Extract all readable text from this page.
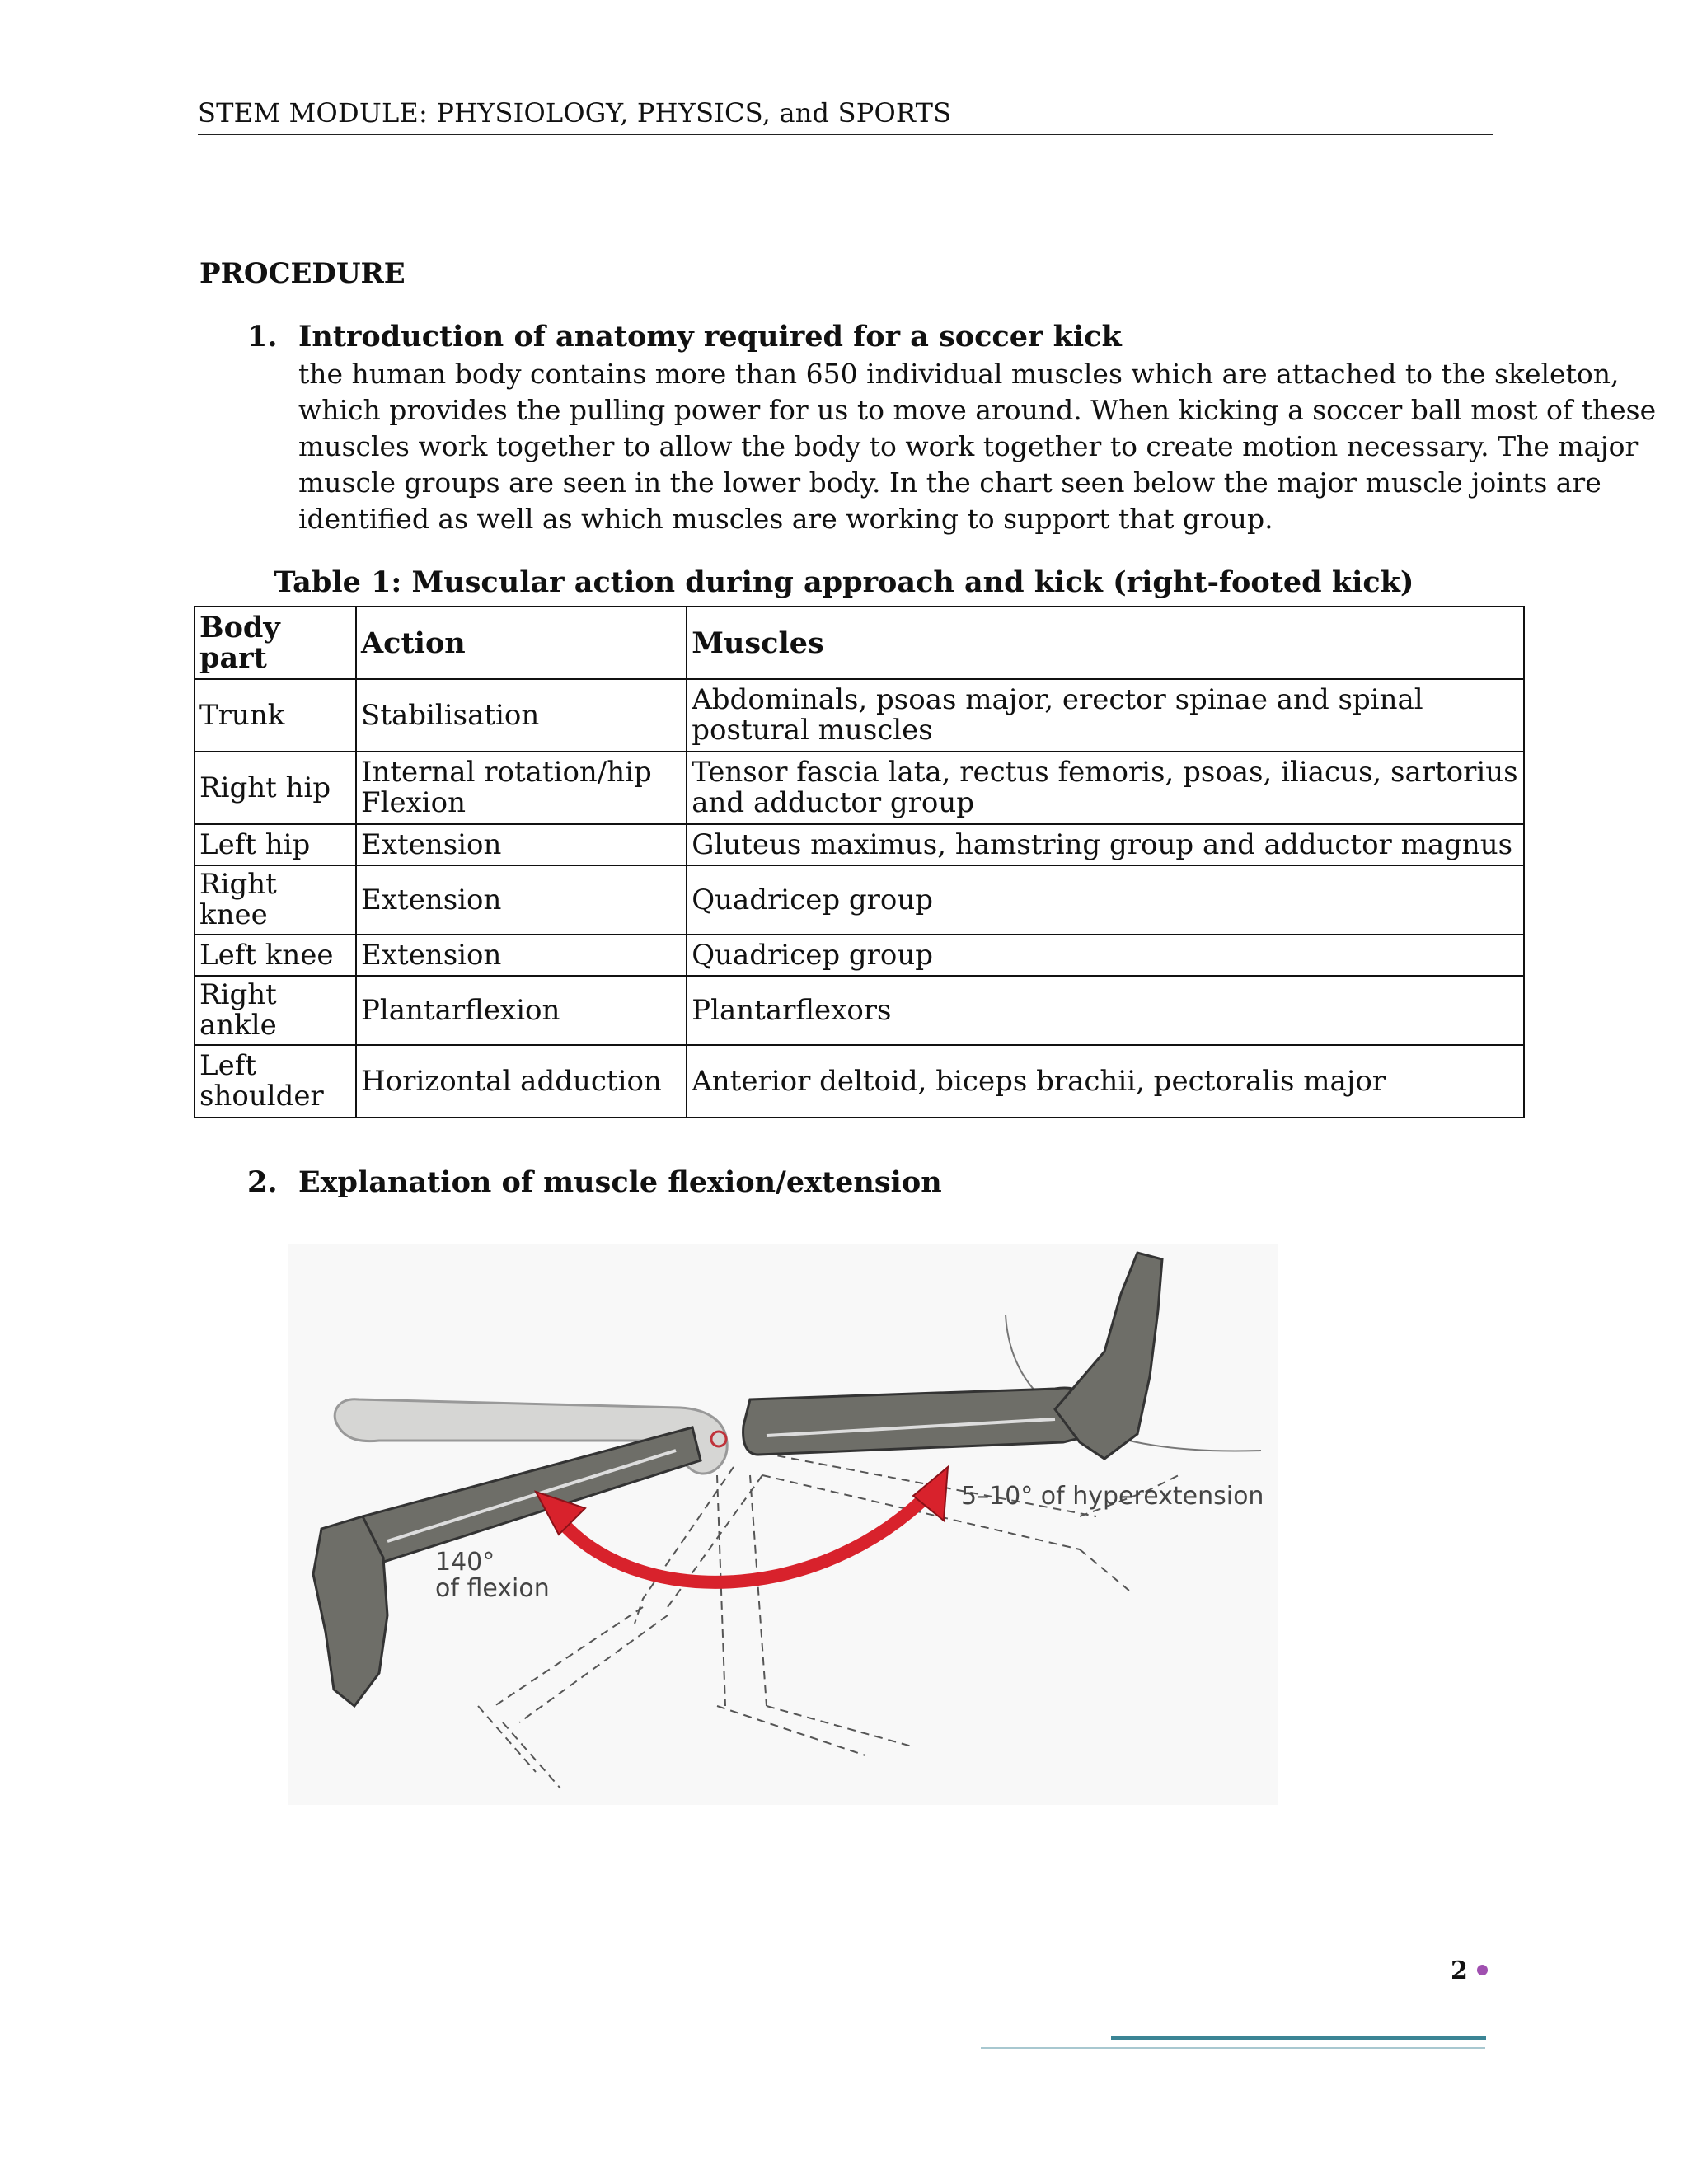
STEM MODULE: PHYSIOLOGY, PHYSICS, and SPORTS
PROCEDURE
1. Introduction of anatomy required for a soccer kick
the human body contains more than 650 individual muscles which are attached to the skeleton,
which provides the pulling power for us to move around. When kicking a soccer ball most of these
muscles work together to allow the body to work together to create motion necessary. The major
muscle groups are seen in the lower body. In the chart seen below the major muscle joints are
identified as well as which muscles are working to support that group.
Table 1: Muscular action during approach and kick (right-footed kick)
Body part	Action	Muscles
Trunk	Stabilisation	Abdominals, psoas major, erector spinae and spinal postural muscles
Right hip	Internal rotation/hip Flexion	Tensor fascia lata, rectus femoris, psoas, iliacus, sartorius and adductor group
Left hip	Extension	Gluteus maximus, hamstring group and adductor magnus
Right knee	Extension	Quadricep group
Left knee	Extension	Quadricep group
Right ankle	Plantarflexion	Plantarflexors
Left shoulder	Horizontal adduction	Anterior deltoid, biceps brachii, pectoralis major
2. Explanation of muscle flexion/extension
140°
of flexion
5–10° of hyperextension
2
